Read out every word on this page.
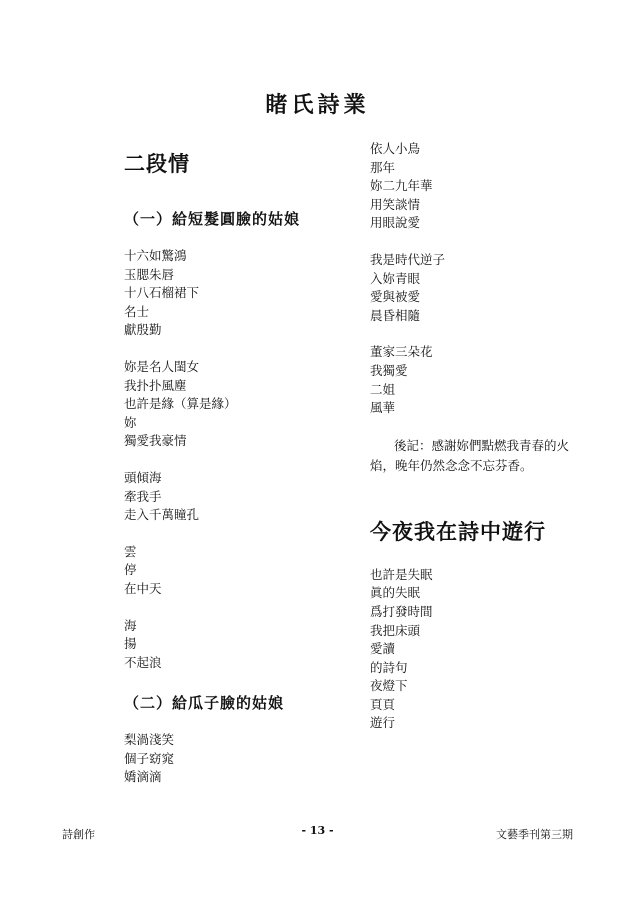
睹氏詩業
二段情
（一）給短髮圓臉的姑娘
十六如驚鴻
玉腮朱唇
十八石榴裙下
名士
獻殷勤
妳是名人閨女
我扑扑風塵
也許是緣（算是緣）
妳
獨愛我豪情
頭傾海
牽我手
走入千萬瞳孔
雲
停
在中天
海
揚
不起浪
（二）給瓜子臉的姑娘
梨渦淺笑
個子窈窕
嬌滴滴
依人小鳥
那年
妳二九年華
用笑談情
用眼說愛
我是時代逆子
入妳青眼
愛與被愛
晨昏相隨
董家三朵花
我獨愛
二姐
風華
後記：感謝妳們點燃我青春的火焰，晚年仍然念念不忘芬香。
今夜我在詩中遊行
也許是失眠
眞的失眠
爲打發時間
我把床頭
愛讀
的詩句
夜燈下
頁頁
遊行
詩創作	- 13 -	文藝季刊第三期
